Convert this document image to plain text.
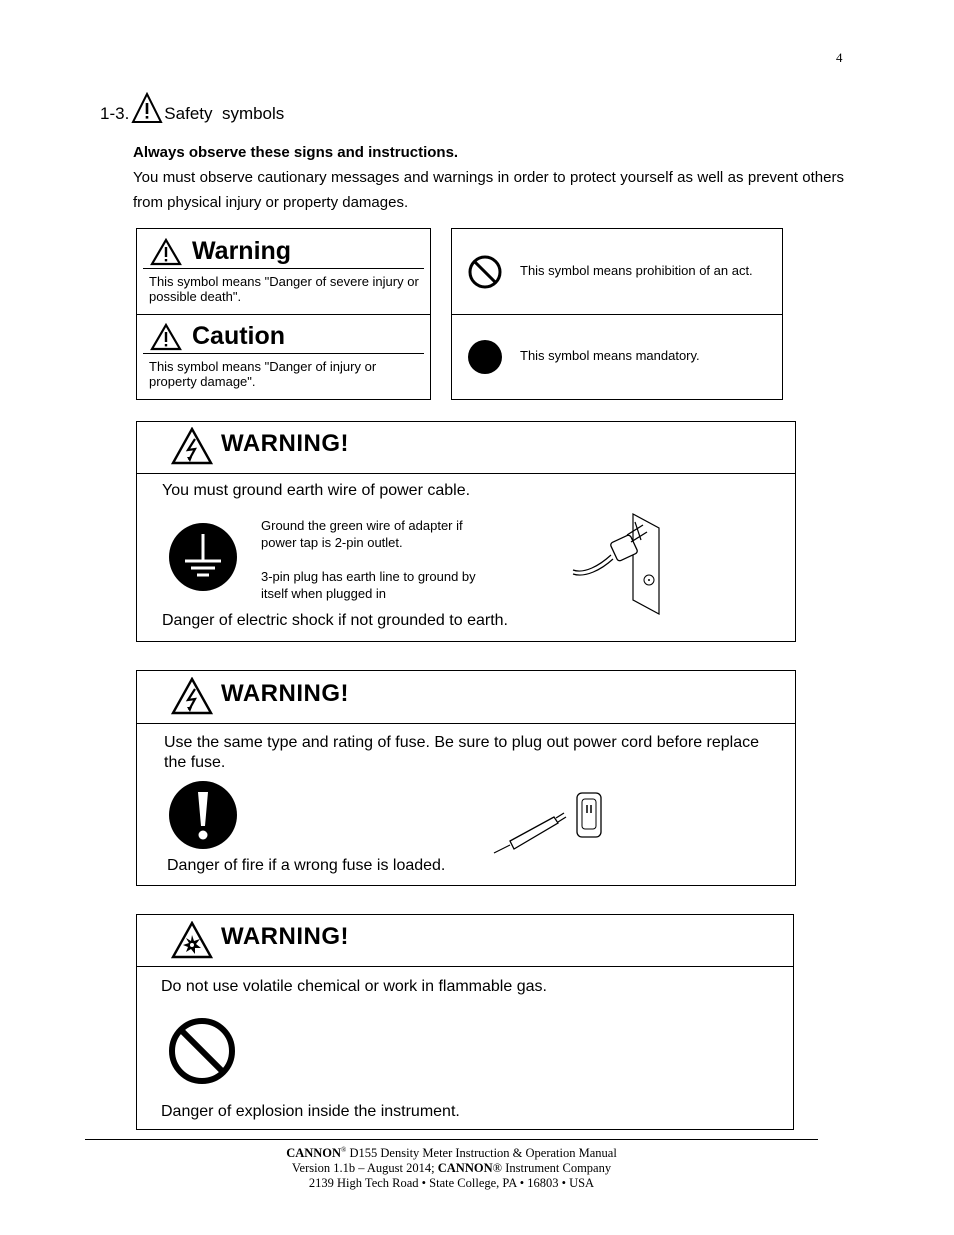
4
1-3. Safety  symbols
Always observe these signs and instructions.
You must observe cautionary messages and warnings in order to protect yourself as well as prevent others from physical injury or property damages.
Warning
This symbol means "Danger of severe injury or possible death".
Caution
This symbol means "Danger of injury or property damage".
This symbol means prohibition of an act.
This symbol means mandatory.
WARNING!
You must ground earth wire of power cable.
Ground the green wire of adapter if power tap is 2-pin outlet.
3-pin plug has earth line to ground by itself when plugged in
Danger of electric shock if not grounded to earth.
WARNING!
Use the same type and rating of fuse. Be sure to plug out power cord before replace the fuse.
Danger of fire if a wrong fuse is loaded.
WARNING!
Do not use volatile chemical or work in flammable gas.
Danger of explosion inside the instrument.
CANNON® D155 Density Meter Instruction & Operation Manual
Version 1.1b – August 2014; CANNON® Instrument Company
2139 High Tech Road • State College, PA • 16803 • USA
